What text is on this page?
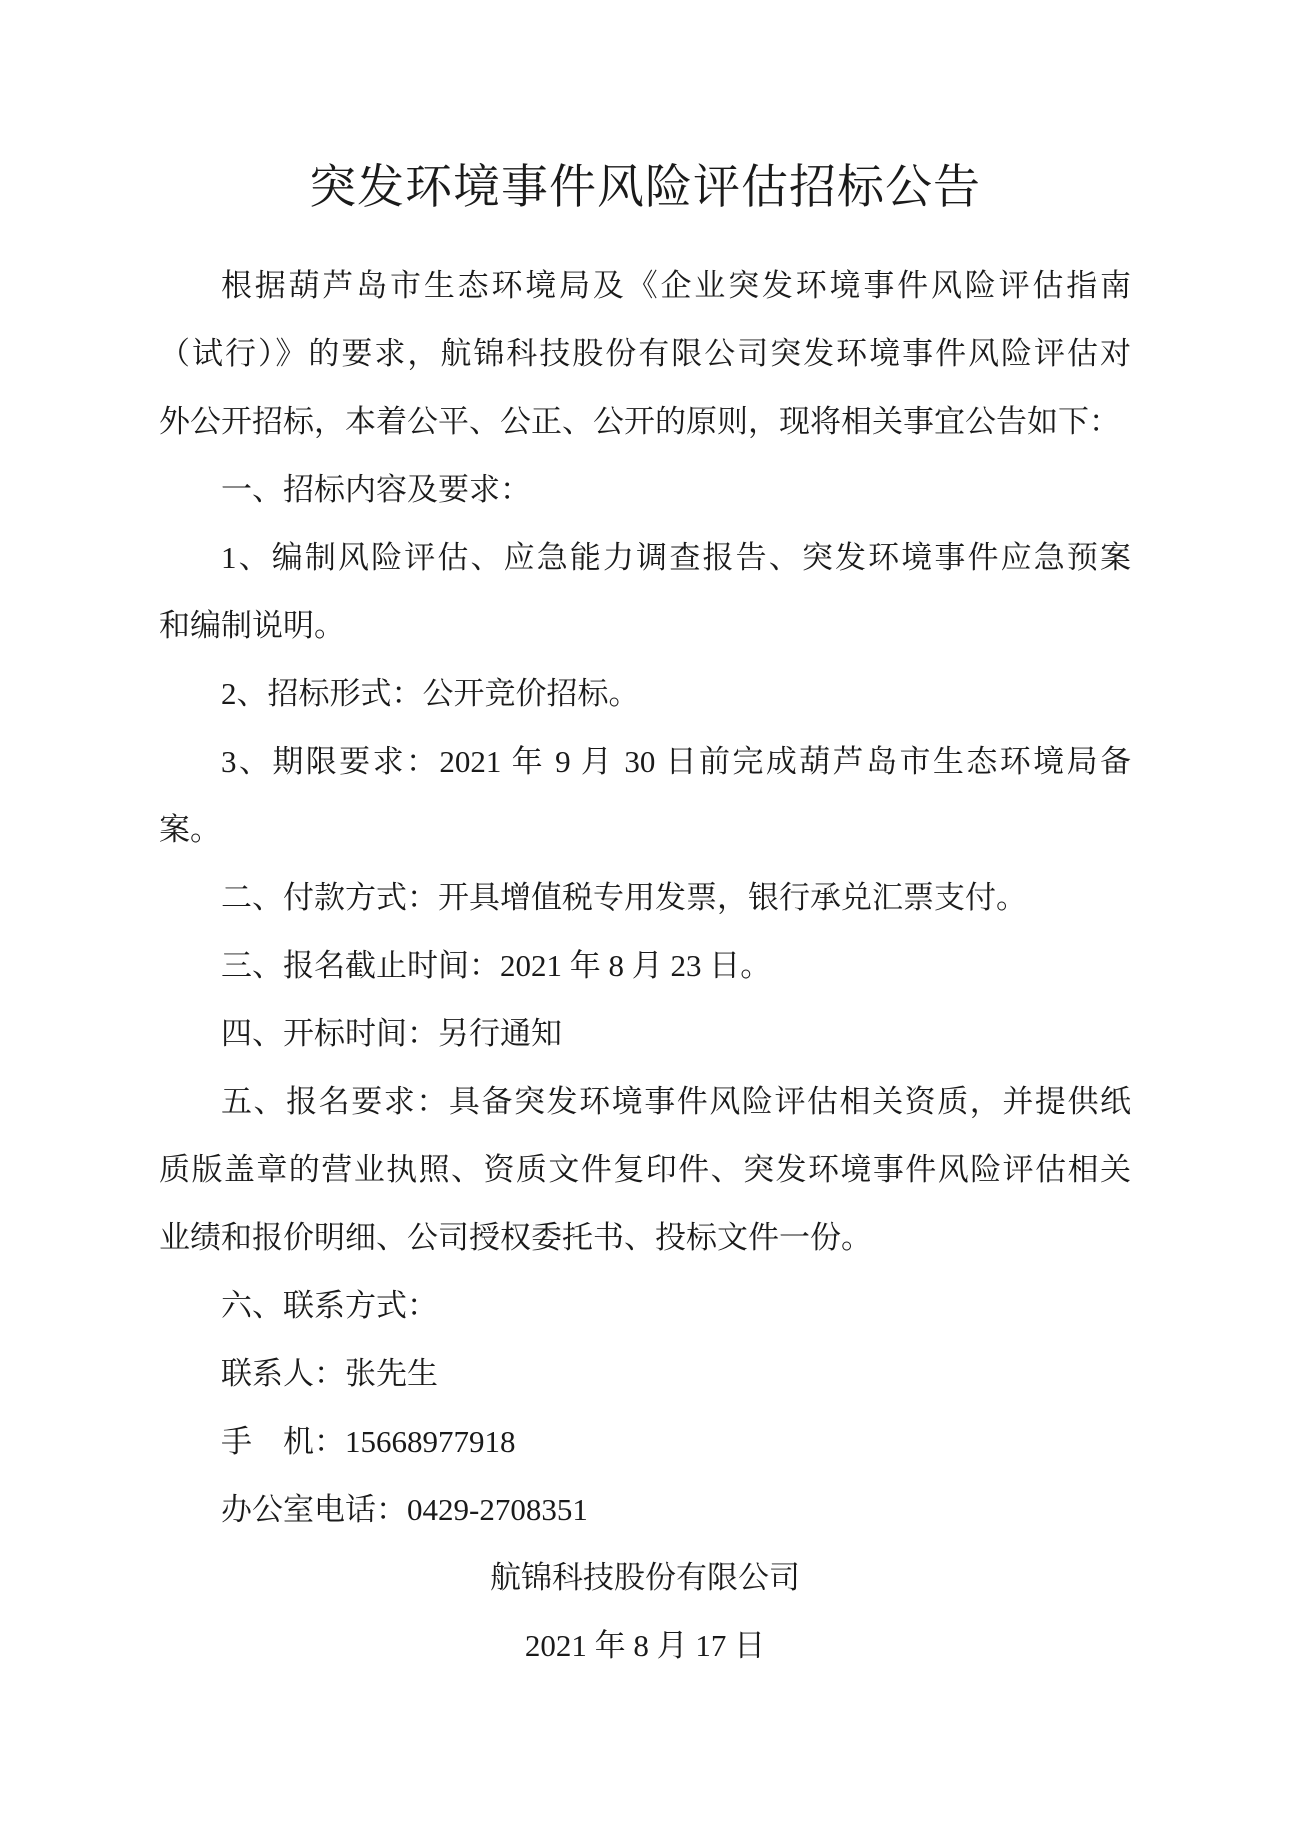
突发环境事件风险评估招标公告
根据葫芦岛市生态环境局及《企业突发环境事件风险评估指南
（试行）》的要求，航锦科技股份有限公司突发环境事件风险评估对
外公开招标，本着公平、公正、公开的原则，现将相关事宜公告如下：
一、招标内容及要求：
1、编制风险评估、应急能力调查报告、突发环境事件应急预案
和编制说明。
2、招标形式：公开竞价招标。
3、期限要求：2021 年 9 月 30 日前完成葫芦岛市生态环境局备
案。
二、付款方式：开具增值税专用发票，银行承兑汇票支付。
三、报名截止时间：2021 年 8 月 23 日。
四、开标时间：另行通知
五、报名要求：具备突发环境事件风险评估相关资质，并提供纸
质版盖章的营业执照、资质文件复印件、突发环境事件风险评估相关
业绩和报价明细、公司授权委托书、投标文件一份。
六、联系方式：
联系人：张先生
手　机：15668977918
办公室电话：0429-2708351
航锦科技股份有限公司
2021 年 8 月 17 日
